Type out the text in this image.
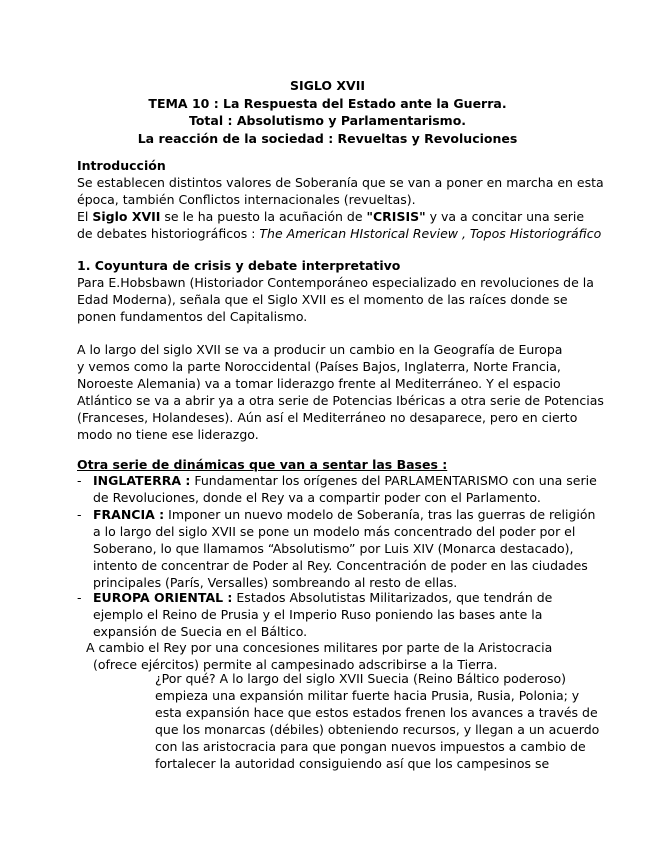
SIGLO XVII
TEMA 10 : La Respuesta del Estado ante la Guerra.
Total : Absolutismo y Parlamentarismo.
La reacción de la sociedad : Revueltas y Revoluciones
Introducción
Se establecen distintos valores de Soberanía que se van a poner en marcha en esta
época, también Conflictos internacionales (revueltas).
El Siglo XVII se le ha puesto la acuñación de "CRISIS" y va a concitar una serie
de debates historiográficos : The American HIstorical Review , Topos Historiográfico
1. Coyuntura de crisis y debate interpretativo
Para E.Hobsbawn (Historiador Contemporáneo especializado en revoluciones de la
Edad Moderna), señala que el Siglo XVII es el momento de las raíces donde se
ponen fundamentos del Capitalismo.
A lo largo del siglo XVII se va a producir un cambio en la Geografía de Europa
y vemos como la parte Noroccidental (Países Bajos, Inglaterra, Norte Francia,
Noroeste Alemania) va a tomar liderazgo frente al Mediterráneo. Y el espacio
Atlántico se va a abrir ya a otra serie de Potencias Ibéricas a otra serie de Potencias
(Franceses, Holandeses). Aún así el Mediterráneo no desaparece, pero en cierto
modo no tiene ese liderazgo.
Otra serie de dinámicas que van a sentar las Bases :
- INGLATERRA : Fundamentar los orígenes del PARLAMENTARISMO con una serie
de Revoluciones, donde el Rey va a compartir poder con el Parlamento.
- FRANCIA : Imponer un nuevo modelo de Soberanía, tras las guerras de religión
a lo largo del siglo XVII se pone un modelo más concentrado del poder por el
Soberano, lo que llamamos “Absolutismo” por Luis XIV (Monarca destacado),
intento de concentrar de Poder al Rey. Concentración de poder en las ciudades
principales (París, Versalles) sombreando al resto de ellas.
- EUROPA ORIENTAL : Estados Absolutistas Militarizados, que tendrán de
ejemplo el Reino de Prusia y el Imperio Ruso poniendo las bases ante la
expansión de Suecia en el Báltico.
A cambio el Rey por una concesiones militares por parte de la Aristocracia
(ofrece ejércitos) permite al campesinado adscribirse a la Tierra.
¿Por qué? A lo largo del siglo XVII Suecia (Reino Báltico poderoso)
empieza una expansión militar fuerte hacia Prusia, Rusia, Polonia; y
esta expansión hace que estos estados frenen los avances a través de
que los monarcas (débiles) obteniendo recursos, y llegan a un acuerdo
con las aristocracia para que pongan nuevos impuestos a cambio de
fortalecer la autoridad consiguiendo así que los campesinos se
